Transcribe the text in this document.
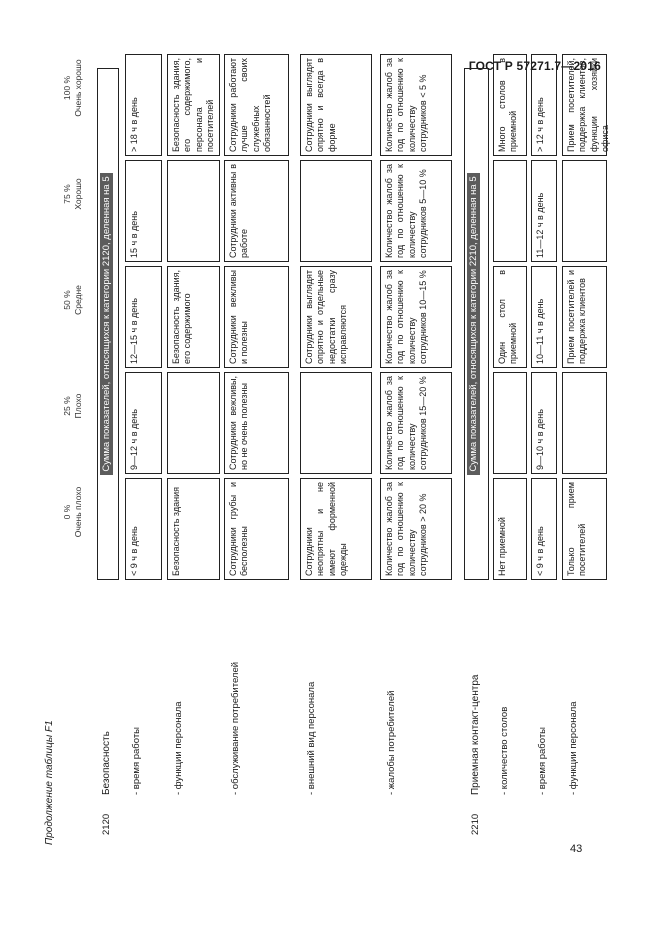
ГОСТ Р 57271.7—2016
Продолжение таблицы F1
0 % Очень плохо
25 % Плохо
50 % Средне
75 % Хорошо
100 % Очень хорошо
2120
Безопасность
Сумма показателей, относящихся к категории 2120, деленная на 5
- время работы
< 9 ч в день
9—12 ч в день
12—15 ч в день
15 ч в день
> 18 ч в день
- функции персонала
Безопасность здания
Безопасность здания, его содержимого
Безопасность здания, его содержимого, персонала и посетителей
- обслуживание потребителей
Сотрудники грубы и бесполезны
Сотрудники вежливы, но не очень полезны
Сотрудники вежливы и полезны
Сотрудники активны в работе
Сотрудники работают лучше своих служебных обязанностей
- внешний вид персонала
Сотрудники неопрятны и не имеют форменной одежды
Сотрудники выглядят опрятно и отдельные недостатки сразу исправляются
Сотрудники выглядят опрятно и всегда в форме
- жалобы потребителей
Количество жалоб за год по отношению к количеству сотрудников > 20 %
Количество жалоб за год по отношению к количеству сотрудников 15—20 %
Количество жалоб за год по отношению к количеству сотрудников 10—15 %
Количество жалоб за год по отношению к количеству сотрудников 5—10 %
Количество жалоб за год по отношению к количеству сотрудников < 5 %
2210
Приемная контакт-центра
Сумма показателей, относящихся к категории 2210, деленная на 5
- количество столов
Нет приемной
Один стол в приемной
Много столов в приемной
- время работы
< 9 ч в день
9—10 ч в день
10—11 ч в день
11—12 ч в день
> 12 ч в день
- функции персонала
Только прием посетителей
Прием посетителей и поддержка клиентов
Прием посетителей, поддержка клиентов, функции хозяйки офиса
43
